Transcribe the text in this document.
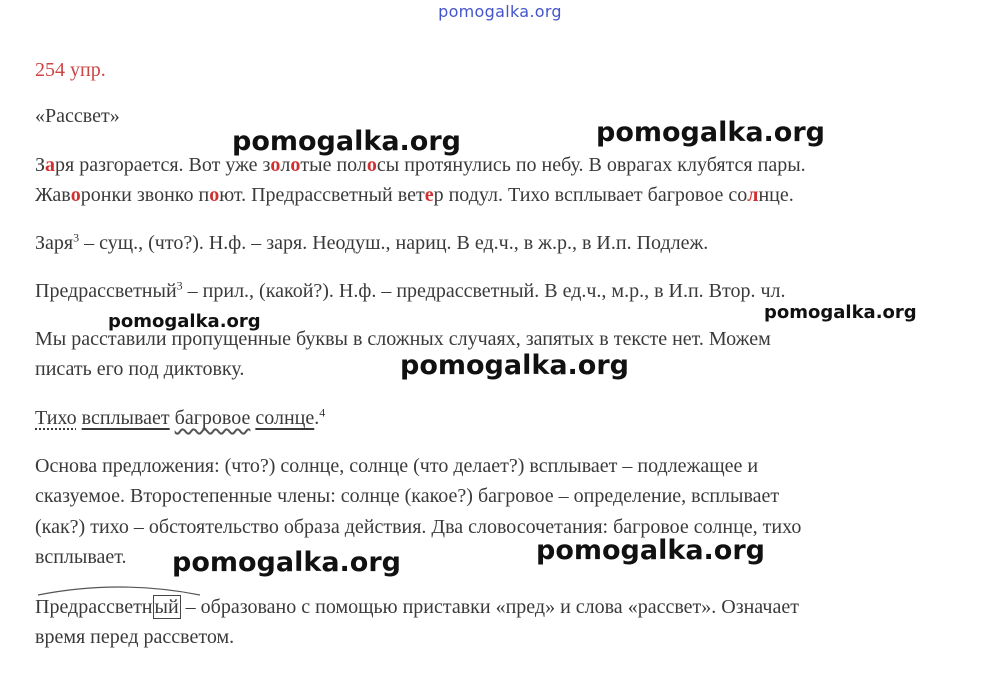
pomogalka.org
254 упр.
«Рассвет»
Заря разгорается. Вот уже золотые полосы протянулись по небу. В оврагах клубятся пары.
Жаворонки звонко поют. Предрассветный ветер подул. Тихо всплывает багровое солнце.
Заря$^3$ – сущ., (что?). Н.ф. – заря. Неодуш., нариц. В ед.ч., в ж.р., в И.п. Подлеж.
Предрассветный$^3$ – прил., (какой?). Н.ф. – предрассветный. В ед.ч., м.р., в И.п. Втор. чл.
Мы расставили пропущенные буквы в сложных случаях, запятых в тексте нет. Можем
писать его под диктовку.
Тихо всплывает багровое солнце.$^4$
Основа предложения: (что?) солнце, солнце (что делает?) всплывает – подлежащее и
сказуемое. Второстепенные члены: солнце (какое?) багровое – определение, всплывает
(как?) тихо – обстоятельство образа действия. Два словосочетания: багровое солнце, тихо
всплывает.
Предрассветн ый – образовано с помощью приставки «пред» и слова «рассвет». Означает
время перед рассветом.
pomogalka.org	pomogalka.org
pomogalka.org	pomogalka.org
pomogalka.org
pomogalka.org
pomogalka.org
